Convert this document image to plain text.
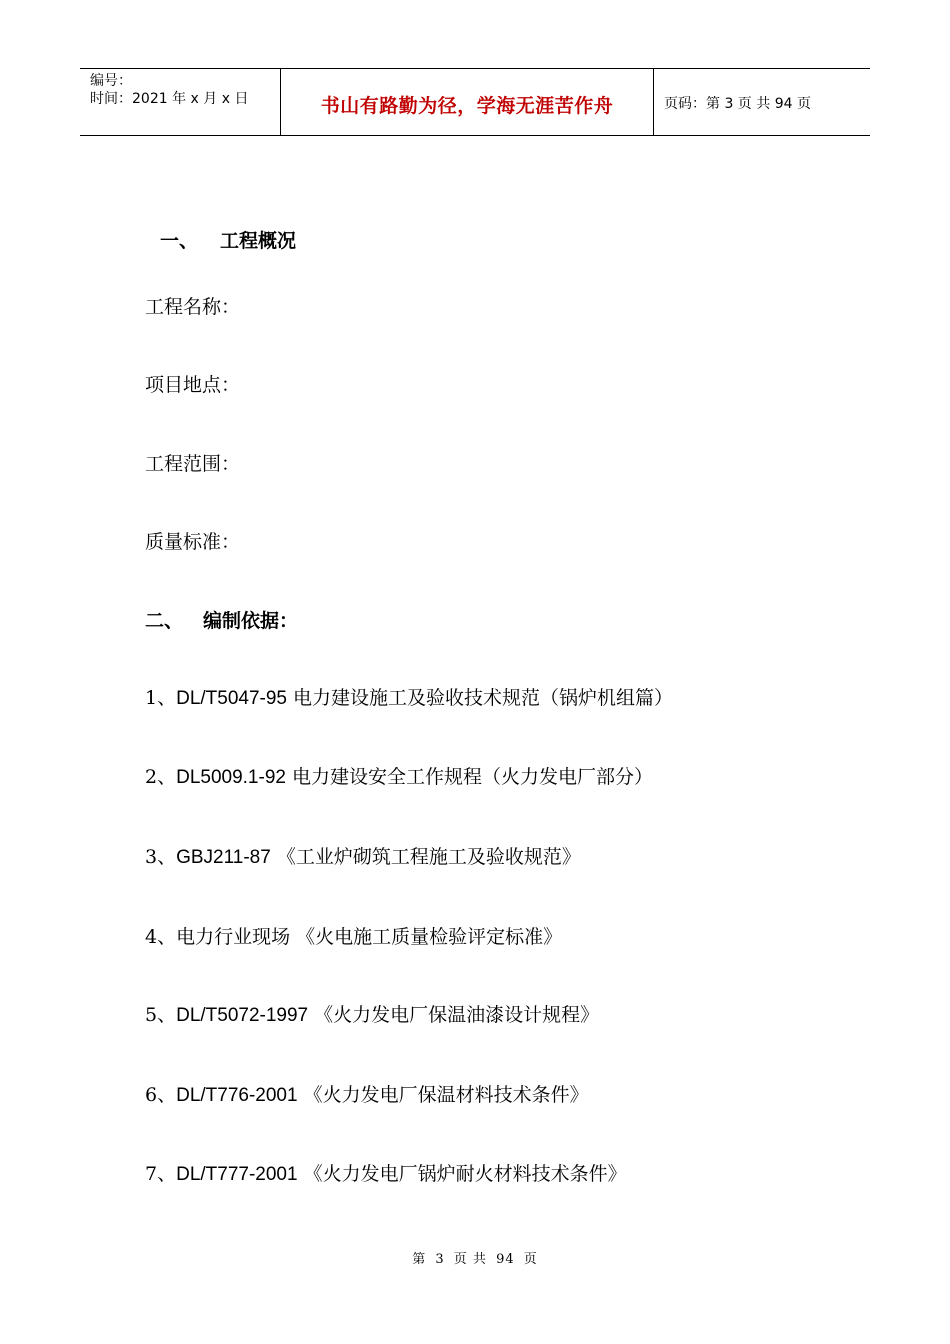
编号：
时间：2021 年 x 月 x 日	书山有路勤为径，学海无涯苦作舟	页码：第 3 页 共 94 页
一、 工程概况
工程名称：
项目地点：
工程范围：
质量标准：
二、 编制依据：
1、DL/T5047-95 电力建设施工及验收技术规范（锅炉机组篇）
2、DL5009.1-92 电力建设安全工作规程（火力发电厂部分）
3、GBJ211-87 《工业炉砌筑工程施工及验收规范》
4、电力行业现场 《火电施工质量检验评定标准》
5、DL/T5072-1997 《火力发电厂保温油漆设计规程》
6、DL/T776-2001 《火力发电厂保温材料技术条件》
7、DL/T777-2001 《火力发电厂锅炉耐火材料技术条件》
第 3 页 共 94 页
